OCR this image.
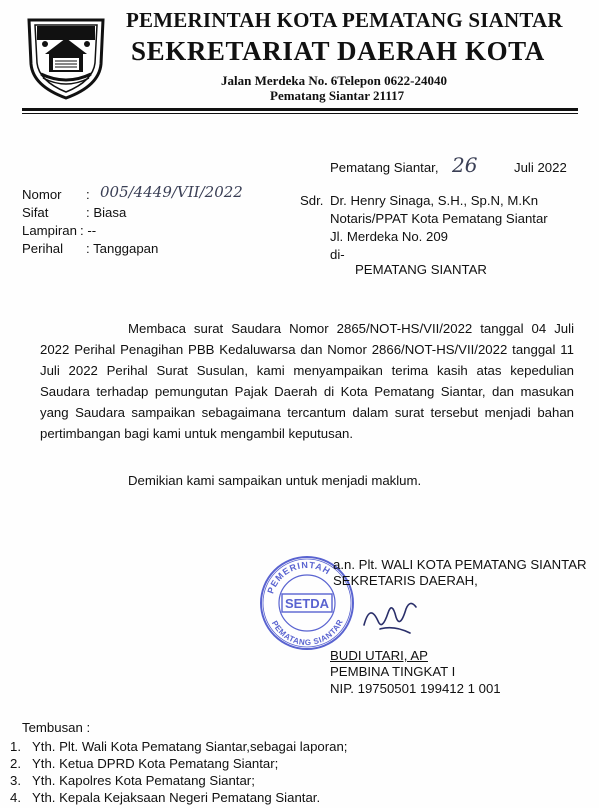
PEMERINTAH KOTA PEMATANG SIANTAR
SEKRETARIAT DAERAH KOTA
Jalan Merdeka No. 6Telepon 0622-24040
Pematang Siantar 21117
Pematang Siantar, 26	Juli 2022
Nomor : 005/4449/VII/2022
Sifat	: Biasa
Lampiran : --
Perihal : Tanggapan
Sdr. Dr. Henry Sinaga, S.H., Sp.N, M.Kn
Notaris/PPAT Kota Pematang Siantar
Jl. Merdeka No. 209
di-
PEMATANG SIANTAR
Membaca surat Saudara Nomor 2865/NOT-HS/VII/2022 tanggal 04 Juli 2022 Perihal Penagihan PBB Kedaluwarsa dan Nomor 2866/NOT-HS/VII/2022 tanggal 11 Juli 2022 Perihal Surat Susulan, kami menyampaikan terima kasih atas kepedulian Saudara terhadap pemungutan Pajak Daerah di Kota Pematang Siantar, dan masukan yang Saudara sampaikan sebagaimana tercantum dalam surat tersebut menjadi bahan pertimbangan bagi kami untuk mengambil keputusan.
Demikian kami sampaikan untuk menjadi maklum.
PEMERINTAH
PEMATANG SIANTAR
SETDA
a.n. Plt. WALI KOTA PEMATANG SIANTAR
SEKRETARIS DAERAH,
BUDI UTARI, AP
PEMBINA TINGKAT I
NIP. 19750501 199412 1 001
Tembusan :
1. Yth. Plt. Wali Kota Pematang Siantar,sebagai laporan;
2. Yth. Ketua DPRD Kota Pematang Siantar;
3. Yth. Kapolres Kota Pematang Siantar;
4. Yth. Kepala Kejaksaan Negeri Pematang Siantar.
